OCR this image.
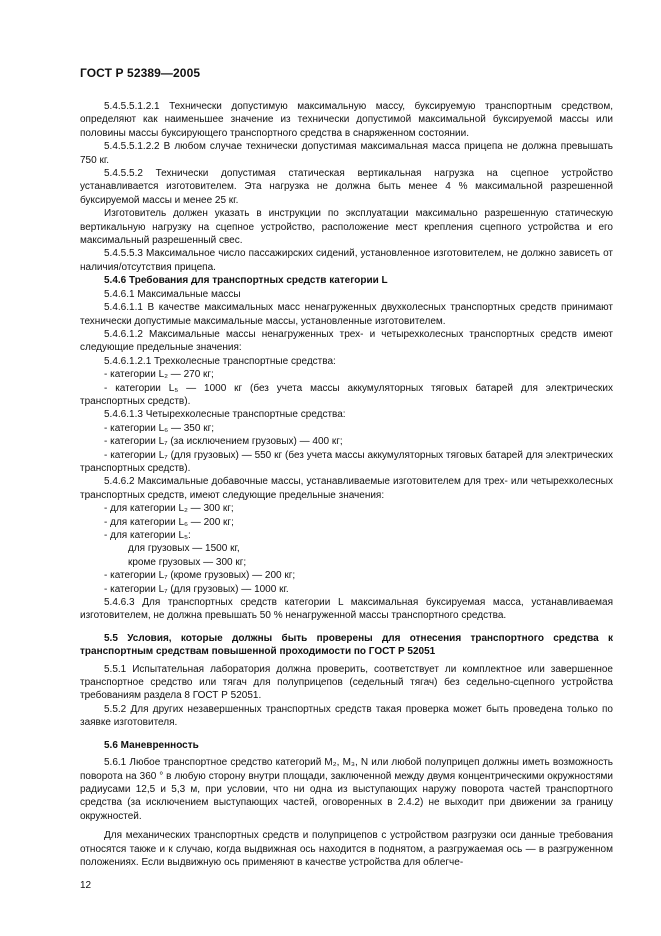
ГОСТ Р 52389—2005

5.4.5.5.1.2.1 Технически допустимую максимальную массу, буксируемую транспортным средством, определяют как наименьшее значение из технически допустимой максимальной буксируемой массы или половины массы буксирующего транспортного средства в снаряженном состоянии.

5.4.5.5.1.2.2 В любом случае технически допустимая максимальная масса прицепа не должна превышать 750 кг.

5.4.5.5.2 Технически допустимая статическая вертикальная нагрузка на сцепное устройство устанавливается изготовителем. Эта нагрузка не должна быть менее 4 % максимальной разрешенной буксируемой массы и менее 25 кг.

Изготовитель должен указать в инструкции по эксплуатации максимально разрешенную статическую вертикальную нагрузку на сцепное устройство, расположение мест крепления сцепного устройства и его максимальный разрешенный свес.

5.4.5.5.3 Максимальное число пассажирских сидений, установленное изготовителем, не должно зависеть от наличия/отсутствия прицепа.

5.4.6 Требования для транспортных средств категории L

5.4.6.1 Максимальные массы

5.4.6.1.1 В качестве максимальных масс ненагруженных двухколесных транспортных средств принимают технически допустимые максимальные массы, установленные изготовителем.

5.4.6.1.2 Максимальные массы ненагруженных трех- и четырехколесных транспортных средств имеют следующие предельные значения:

5.4.6.1.2.1 Трехколесные транспортные средства:

- категории L₂ — 270 кг;

- категории L₅ — 1000 кг (без учета массы аккумуляторных тяговых батарей для электрических транспортных средств).

5.4.6.1.3 Четырехколесные транспортные средства:

- категории L₆ — 350 кг;

- категории L₇ (за исключением грузовых) — 400 кг;

- категории L₇ (для грузовых) — 550 кг (без учета массы аккумуляторных тяговых батарей для электрических транспортных средств).

5.4.6.2 Максимальные добавочные массы, устанавливаемые изготовителем для трех- или четырехколесных транспортных средств, имеют следующие предельные значения:

- для категории L₂ — 300 кг;

- для категории L₆ — 200 кг;

- для категории L₅:

для грузовых — 1500 кг,

кроме грузовых — 300 кг;

- категории L₇ (кроме грузовых) — 200 кг;

- категории L₇ (для грузовых) — 1000 кг.

5.4.6.3 Для транспортных средств категории L максимальная буксируемая масса, устанавливаемая изготовителем, не должна превышать 50 % ненагруженной массы транспортного средства.

5.5 Условия, которые должны быть проверены для отнесения транспортного средства к транспортным средствам повышенной проходимости по ГОСТ Р 52051

5.5.1 Испытательная лаборатория должна проверить, соответствует ли комплектное или завершенное транспортное средство или тягач для полуприцепов (седельный тягач) без седельно-сцепного устройства требованиям раздела 8 ГОСТ Р 52051.

5.5.2 Для других незавершенных транспортных средств такая проверка может быть проведена только по заявке изготовителя.

5.6 Маневренность

5.6.1 Любое транспортное средство категорий M₂, M₃, N или любой полуприцеп должны иметь возможность поворота на 360 ° в любую сторону внутри площади, заключенной между двумя концентрическими окружностями радиусами 12,5 и 5,3 м, при условии, что ни одна из выступающих наружу поворота частей транспортного средства (за исключением выступающих частей, оговоренных в 2.4.2) не выходит при движении за границу окружностей.

Для механических транспортных средств и полуприцепов с устройством разгрузки оси данные требования относятся также и к случаю, когда выдвижная ось находится в поднятом, а разгружаемая ось — в разгруженном положениях. Если выдвижную ось применяют в качестве устройства для облегче-

12
